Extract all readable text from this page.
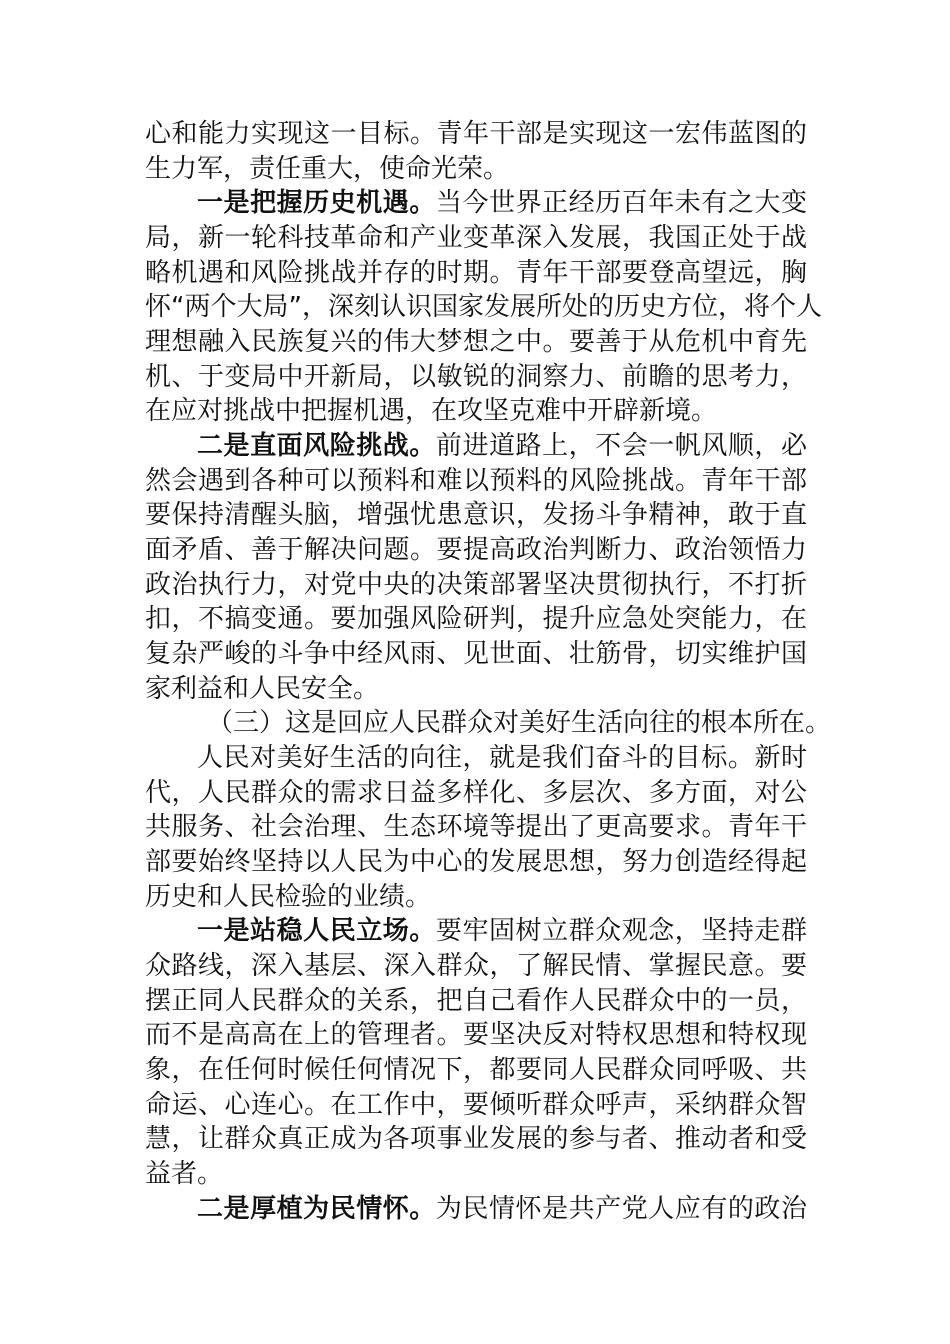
心和能力实现这一目标。青年干部是实现这一宏伟蓝图的
生力军，责任重大，使命光荣。
一是把握历史机遇。当今世界正经历百年未有之大变
局，新一轮科技革命和产业变革深入发展，我国正处于战
略机遇和风险挑战并存的时期。青年干部要登高望远，胸
怀“两个大局”，深刻认识国家发展所处的历史方位，将个人
理想融入民族复兴的伟大梦想之中。要善于从危机中育先
机、于变局中开新局，以敏锐的洞察力、前瞻的思考力，
在应对挑战中把握机遇，在攻坚克难中开辟新境。
二是直面风险挑战。前进道路上，不会一帆风顺，必
然会遇到各种可以预料和难以预料的风险挑战。青年干部
要保持清醒头脑，增强忧患意识，发扬斗争精神，敢于直
面矛盾、善于解决问题。要提高政治判断力、政治领悟力
政治执行力，对党中央的决策部署坚决贯彻执行，不打折
扣，不搞变通。要加强风险研判，提升应急处突能力，在
复杂严峻的斗争中经风雨、见世面、壮筋骨，切实维护国
家利益和人民安全。
（三）这是回应人民群众对美好生活向往的根本所在。
人民对美好生活的向往，就是我们奋斗的目标。新时
代，人民群众的需求日益多样化、多层次、多方面，对公
共服务、社会治理、生态环境等提出了更高要求。青年干
部要始终坚持以人民为中心的发展思想，努力创造经得起
历史和人民检验的业绩。
一是站稳人民立场。要牢固树立群众观念，坚持走群
众路线，深入基层、深入群众，了解民情、掌握民意。要
摆正同人民群众的关系，把自己看作人民群众中的一员，
而不是高高在上的管理者。要坚决反对特权思想和特权现
象，在任何时候任何情况下，都要同人民群众同呼吸、共
命运、心连心。在工作中，要倾听群众呼声，采纳群众智
慧，让群众真正成为各项事业发展的参与者、推动者和受
益者。
二是厚植为民情怀。为民情怀是共产党人应有的政治
